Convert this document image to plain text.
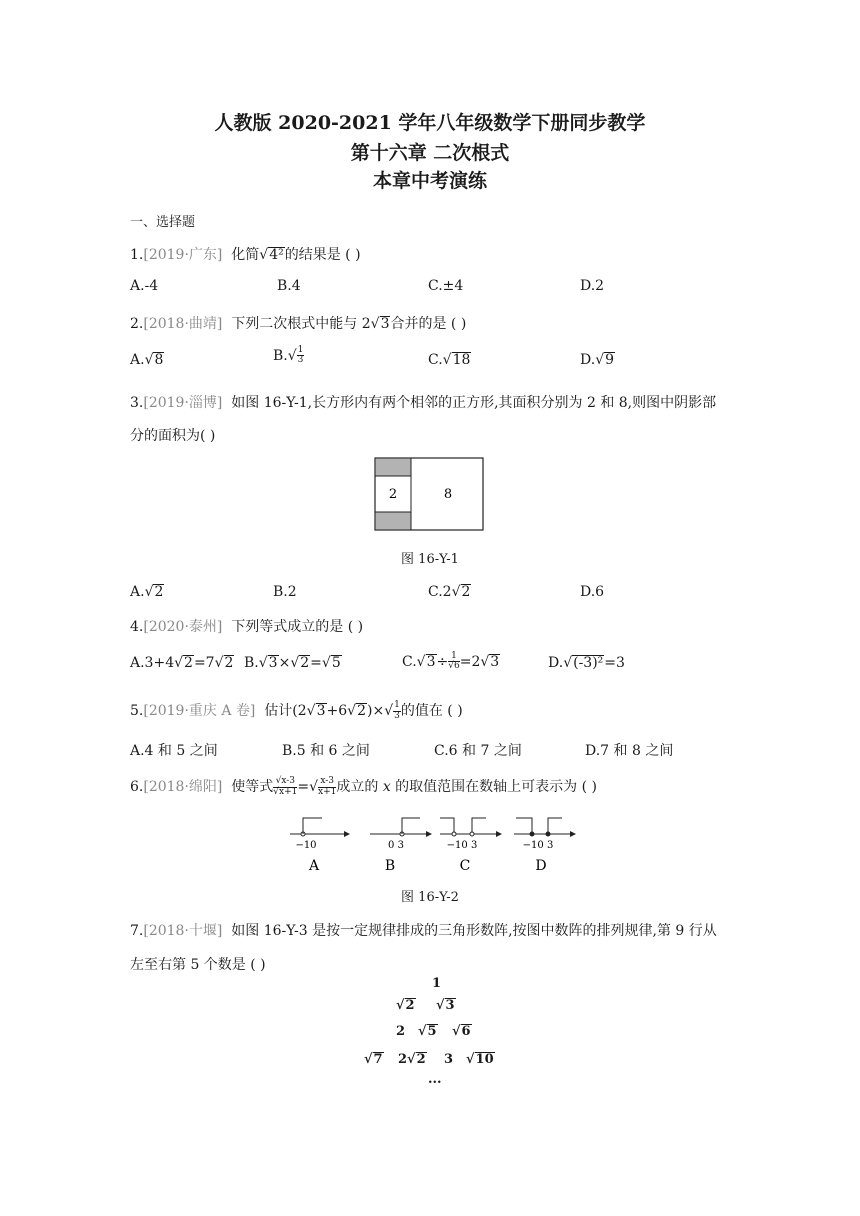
人教版 2020-2021 学年八年级数学下册同步教学
第十六章 二次根式
本章中考演练
一、选择题
1.[2019·广东] 化简√4²的结果是 ( )
A.-4	B.4	C.±4	D.2
2.[2018·曲靖] 下列二次根式中能与 2√3合并的是 ( )
A.√8	$B.√ \frac{1}{3}$	C.√18	D.√9
3.[2019·淄博] 如图 16-Y-1,长方形内有两个相邻的正方形,其面积分别为 2 和 8,则图中阴影部
分的面积为( )
2	8
图 16-Y-1
A.√2	B.2	C.2√2	D.6
4.[2020·泰州] 下列等式成立的是 ( )
A.3+4√2=7√2 B.√3×√2=√5	$C.√3\div \frac{1}{√6} =2√3$	D.√(-3)²=3
5.[2019·重庆 A 卷] 估计$(2√3+6√2)\times√ \frac{1}{3}$ 的值在 ( )
A.4 和 5 之间	B.5 和 6 之间	C.6 和 7 之间	D.7 和 8 之间
6.[2018·绵阳] 使等式 $\frac{√x-3}{√x+1}$ =√ $\frac{x-3}{x+1}$ 成立的 x 的取值范围在数轴上可表示为 ( )
−10
A
0 3
B
−10 3
C
−10 3
D
图 16-Y-2
7.[2018·十堰] 如图 16-Y-3 是按一定规律排成的三角形数阵,按图中数阵的排列规律,第 9 行从
左至右第 5 个数是 ( )
1
√2 √3
2 √5 √6
√7 2√2 3 √10
...
